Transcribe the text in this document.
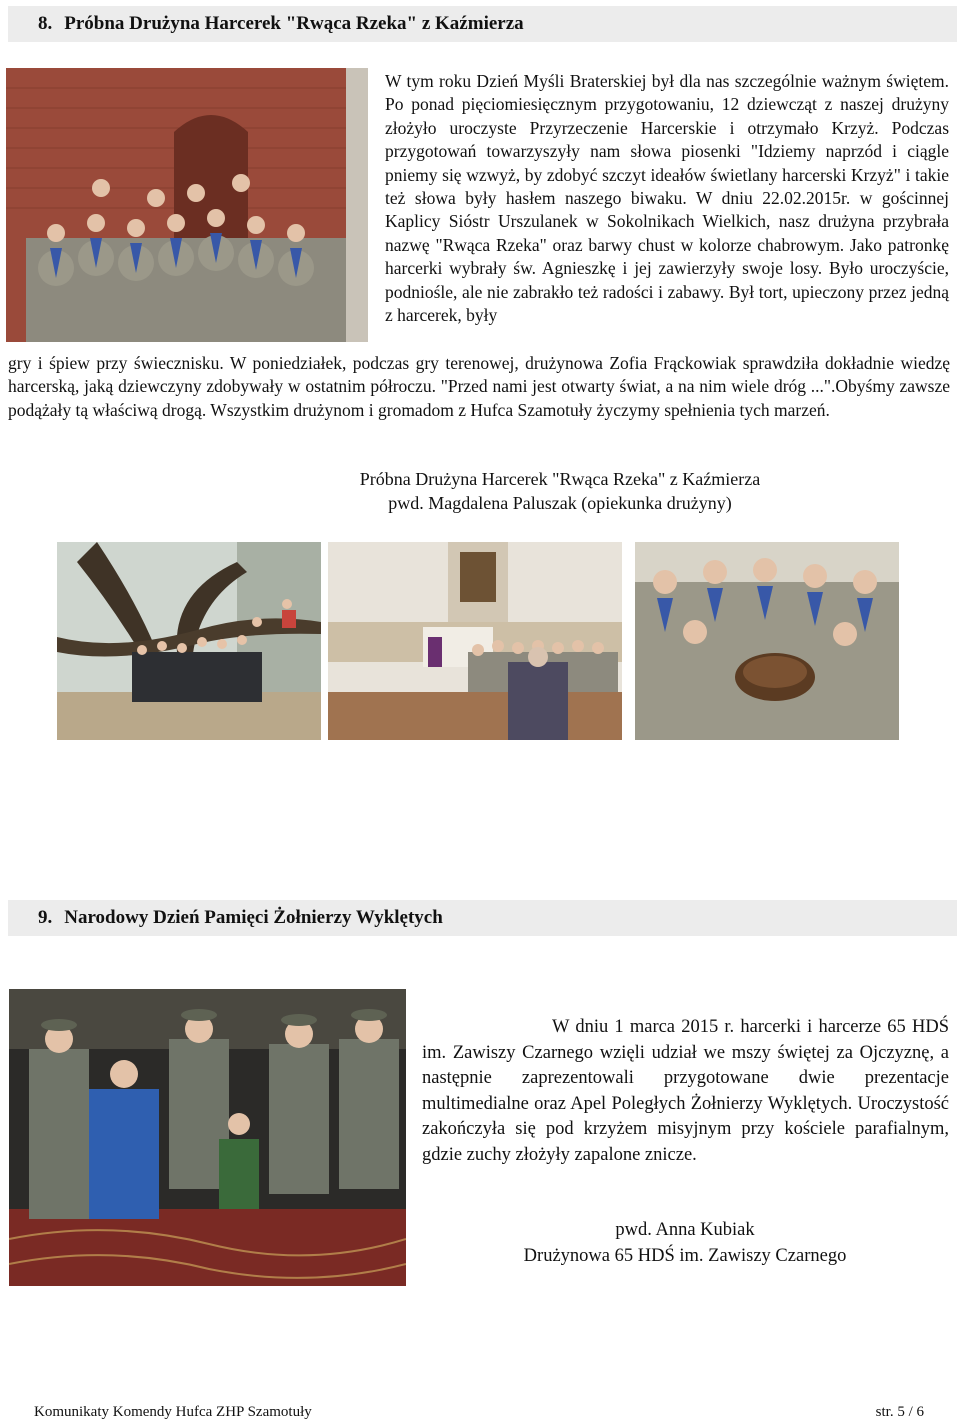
8. Próbna Drużyna Harcerek "Rwąca Rzeka" z Kaźmierza
W tym roku Dzień Myśli Braterskiej był dla nas szczególnie ważnym świętem. Po ponad pięciomiesięcznym przygotowaniu, 12 dziewcząt z naszej drużyny złożyło uroczyste Przyrzeczenie Harcerskie i otrzymało Krzyż. Podczas przygotowań towarzyszyły nam słowa piosenki "Idziemy naprzód i ciągle pniemy się wzwyż, by zdobyć szczyt ideałów świetlany harcerski Krzyż" i takie też słowa były hasłem naszego biwaku. W dniu 22.02.2015r. w gościnnej Kaplicy Sióstr Urszulanek w Sokolnikach Wielkich, nasz drużyna przybrała nazwę "Rwąca Rzeka" oraz barwy chust w kolorze chabrowym. Jako patronkę harcerki wybrały św. Agnieszkę i jej zawierzyły swoje losy. Było uroczyście, podniośle, ale nie zabrakło też radości i zabawy. Był tort, upieczony przez jedną z harcerek, były
gry i śpiew przy świecznisku. W poniedziałek, podczas gry terenowej, drużynowa Zofia Frąckowiak sprawdziła dokładnie wiedzę harcerską, jaką dziewczyny zdobywały w ostatnim półroczu. "Przed nami jest otwarty świat, a na nim wiele dróg ...".Obyśmy zawsze podążały tą właściwą drogą. Wszystkim drużynom i gromadom z Hufca Szamotuły życzymy spełnienia tych marzeń.
Próbna Drużyna Harcerek "Rwąca Rzeka" z Kaźmierza
pwd. Magdalena Paluszak (opiekunka drużyny)
9. Narodowy Dzień Pamięci Żołnierzy Wyklętych
W dniu 1 marca 2015 r. harcerki i harcerze 65 HDŚ im. Zawiszy Czarnego wzięli udział we mszy świętej za Ojczyznę, a następnie zaprezentowali przygotowane dwie prezentacje multimedialne oraz Apel Poległych Żołnierzy Wyklętych. Uroczystość zakończyła się pod krzyżem misyjnym przy kościele parafialnym, gdzie zuchy złożyły zapalone znicze.
pwd. Anna Kubiak
Drużynowa 65 HDŚ im. Zawiszy Czarnego
Komunikaty Komendy Hufca ZHP Szamotuły	str. 5 / 6
